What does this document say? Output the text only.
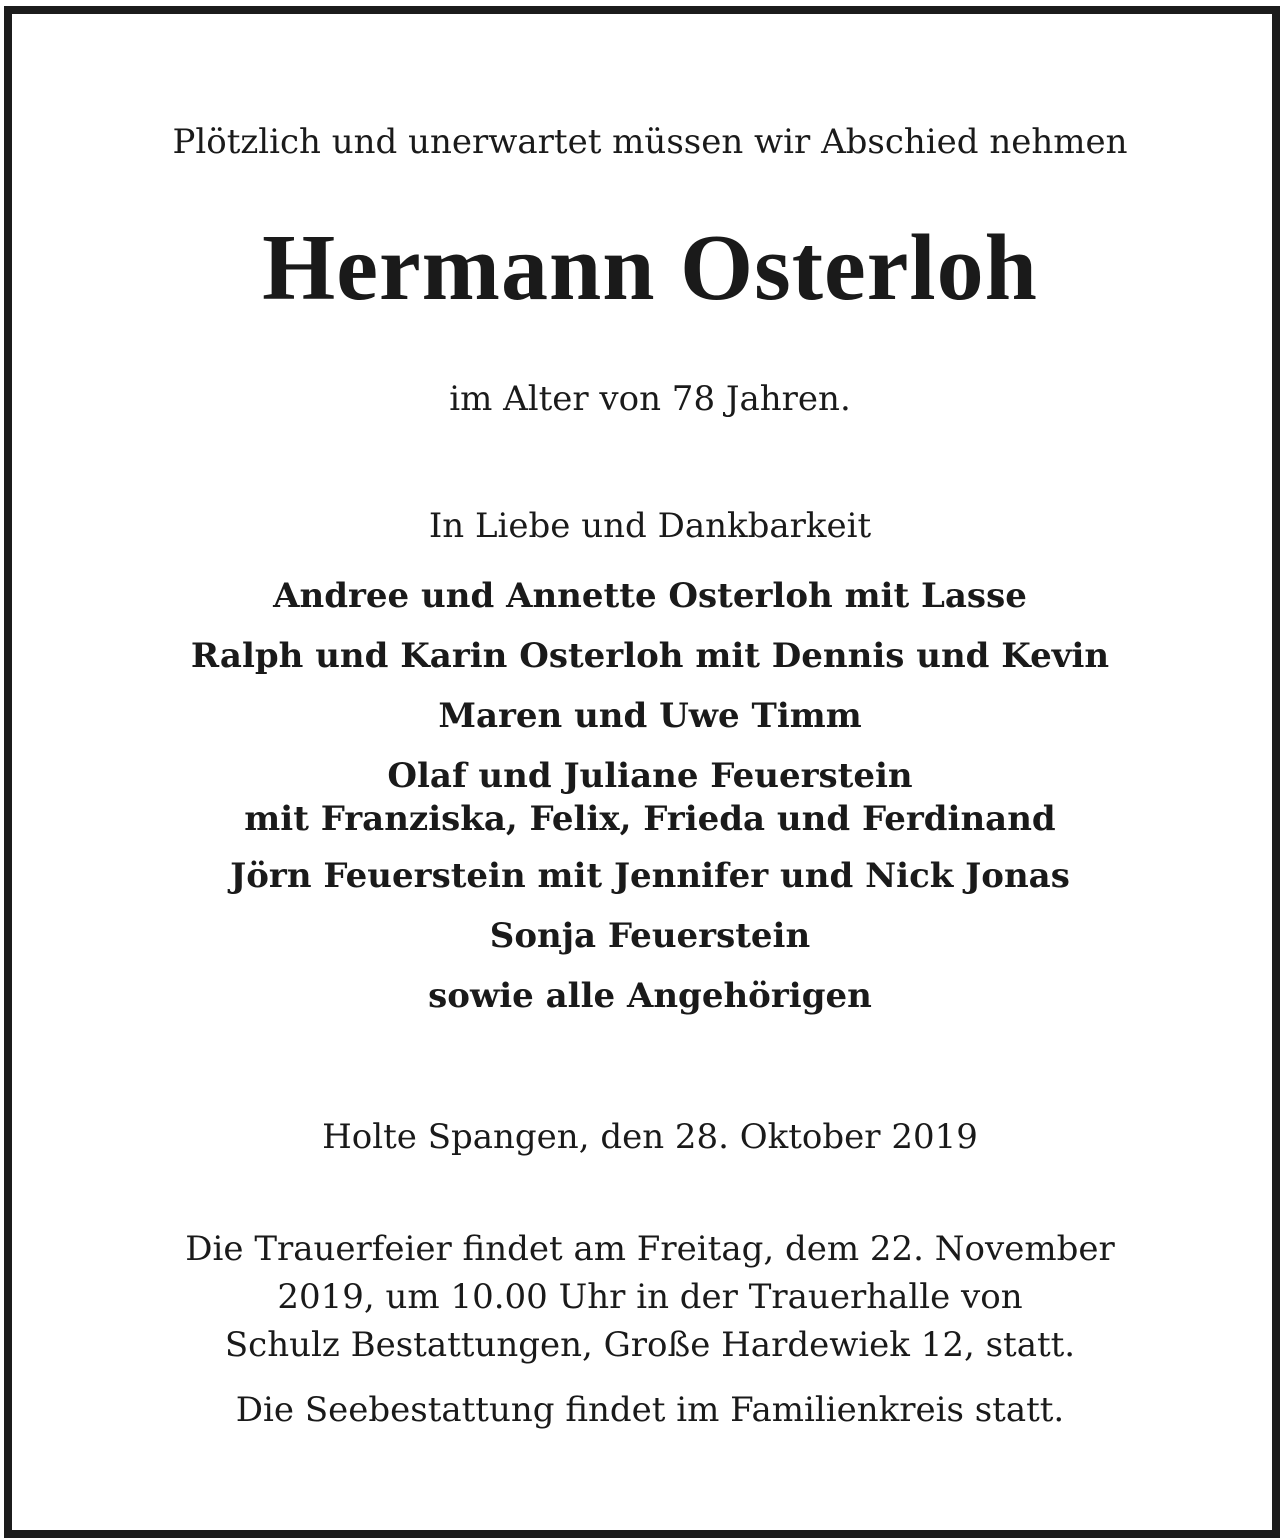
Plötzlich und unerwartet müssen wir Abschied nehmen
Hermann Osterloh
im Alter von 78 Jahren.
In Liebe und Dankbarkeit
Andree und Annette Osterloh mit Lasse
Ralph und Karin Osterloh mit Dennis und Kevin
Maren und Uwe Timm
Olaf und Juliane Feuerstein
mit Franziska, Felix, Frieda und Ferdinand
Jörn Feuerstein mit Jennifer und Nick Jonas
Sonja Feuerstein
sowie alle Angehörigen
Holte Spangen, den 28. Oktober 2019
Die Trauerfeier findet am Freitag, dem 22. November
2019, um 10.00 Uhr in der Trauerhalle von
Schulz Bestattungen, Große Hardewiek 12, statt.
Die Seebestattung findet im Familienkreis statt.
